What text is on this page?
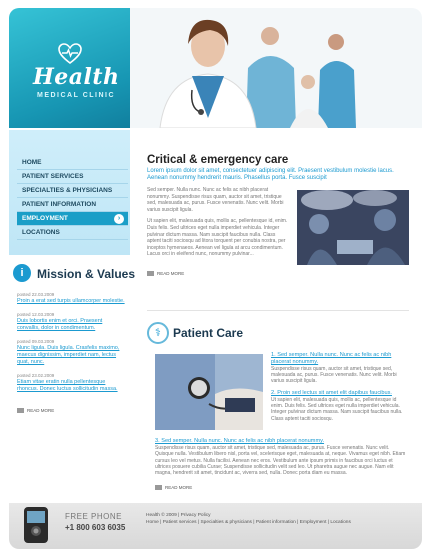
Health
MEDICAL CLINIC
HOME
PATIENT SERVICES
SPECIALTIES & PHYSICIANS
PATIENT INFORMATION
EMPLOYMENT	›
LOCATIONS
i	Mission & Values
posted 22.03.2009
Proin a erat sed turpis ullamcorper molestie.
posted 12.03.2009
Duis lobortis enim et orci. Praesent convallis, dolor in condimentum.
posted 09.03.2009
Nunc ligula. Duis ligula. Crasfelis maximo, maecus dignissim, imperdiet nam, lectus quat, nunc.
posted 23.02.2009
Etiam vitae eratin nulla pellentesque rhoncus. Donec luctus sollicitudin massa.
READ MORE
Critical & emergency care
Lorem ipsum dolor sit amet, consectetuer adipiscing elit. Praesent vestibulum molestie lacus. Aenean nonummy hendrerit mauris. Phasellus porta. Fusce suscipit
Sed semper. Nulla nunc. Nunc ac felis ac nibh placerat nonummy. Suspendisse risus quam, auctor sit amet, tristique sed, malesuada ac, purus. Fusce venenatis. Nunc velit. Morbi varius suscipit ligula.
Ut sapien elit, malesuada quis, mollis ac, pellentesque id, enim. Duis felis. Sed ultrices eget nulla imperdiet vehicula. Integer pulvinar dictum massa. Nam suscipit faucibus nulla. Class aptent taciti sociosqu ad litora torquent per conubia nostra, per inceptos hymenaeos. Aenean vel ligula at arcu condimentum. Lacus orci in eleifend nunc, nonummy pulvinar...
READ MORE
⚕	Patient Care
1. Sed semper. Nulla nunc. Nunc ac felis ac nibh placerat nonummy.
Suspendisse risus quam, auctor sit amet, tristique sed, malesuada ac, purus. Fusce venenatis. Nunc velit. Morbi varius suscipit ligula.
2. Proin sed lectus sit amet elit dapibus faucibus.
Ut sapien elit, malesuada quis, mollis ac, pellentesque id enim. Duis felis. Sed ultrices eget nulla imperdiet vehicula. Integer pulvinar dictum massa. Nam suscipit faucibus nulla. Class aptent taciti sociosqu.
3. Sed semper. Nulla nunc. Nunc ac felis ac nibh placerat nonummy.
Suspendisse risus quam, auctor sit amet, tristique sed, malesuada ac, purus. Fusce venenatis. Nunc velit. Quisque nulla. Vestibulum libero nisl, porta vel, scelerisque eget, malesuada at, neque. Vivamus eget nibh. Etiam cursus leo vel metus. Nulla facilisi. Aenean nec eros. Vestibulum ante ipsum primis in faucibus orci luctus et ultrices posuere cubilia Curae; Suspendisse sollicitudin velit sed leo. Ut pharetra augue nec augue. Nam elit magna, hendrerit sit amet, tincidunt ac, viverra sed, nulla. Donec porta diam eu massa.
READ MORE
FREE PHONE
+1 800 603 6035
Health © 2009 | Privacy Policy
Home | Patient services | Specialties & physicians | Patient information | Employment | Locations
